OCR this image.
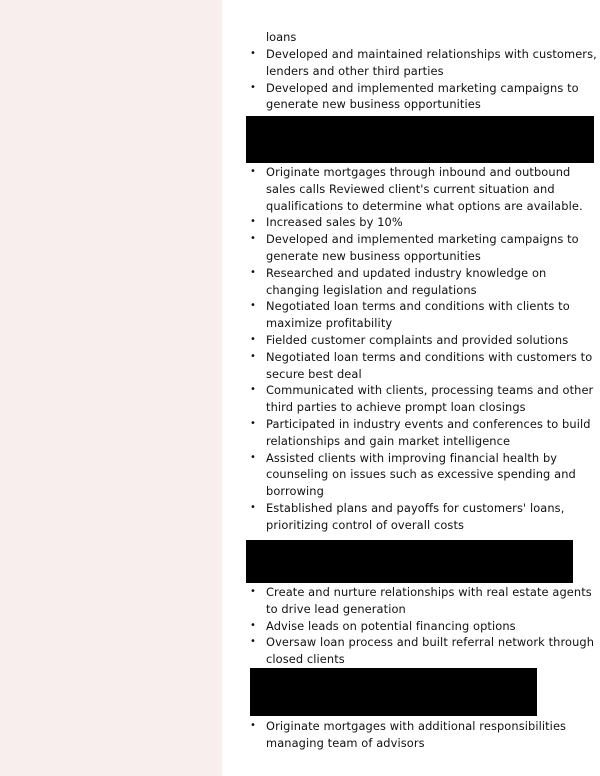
loans
• Developed and maintained relationships with customers, lenders and other third parties
• Developed and implemented marketing campaigns to generate new business opportunities
• Originate mortgages through inbound and outbound sales calls Reviewed client's current situation and qualifications to determine what options are available.
• Increased sales by 10%
• Developed and implemented marketing campaigns to generate new business opportunities
• Researched and updated industry knowledge on changing legislation and regulations
• Negotiated loan terms and conditions with clients to maximize profitability
• Fielded customer complaints and provided solutions
• Negotiated loan terms and conditions with customers to secure best deal
• Communicated with clients, processing teams and other third parties to achieve prompt loan closings
• Participated in industry events and conferences to build relationships and gain market intelligence
• Assisted clients with improving financial health by counseling on issues such as excessive spending and borrowing
• Established plans and payoffs for customers' loans, prioritizing control of overall costs
• Create and nurture relationships with real estate agents to drive lead generation
• Advise leads on potential financing options
• Oversaw loan process and built referral network through closed clients
• Originate mortgages with additional responsibilities managing team of advisors
